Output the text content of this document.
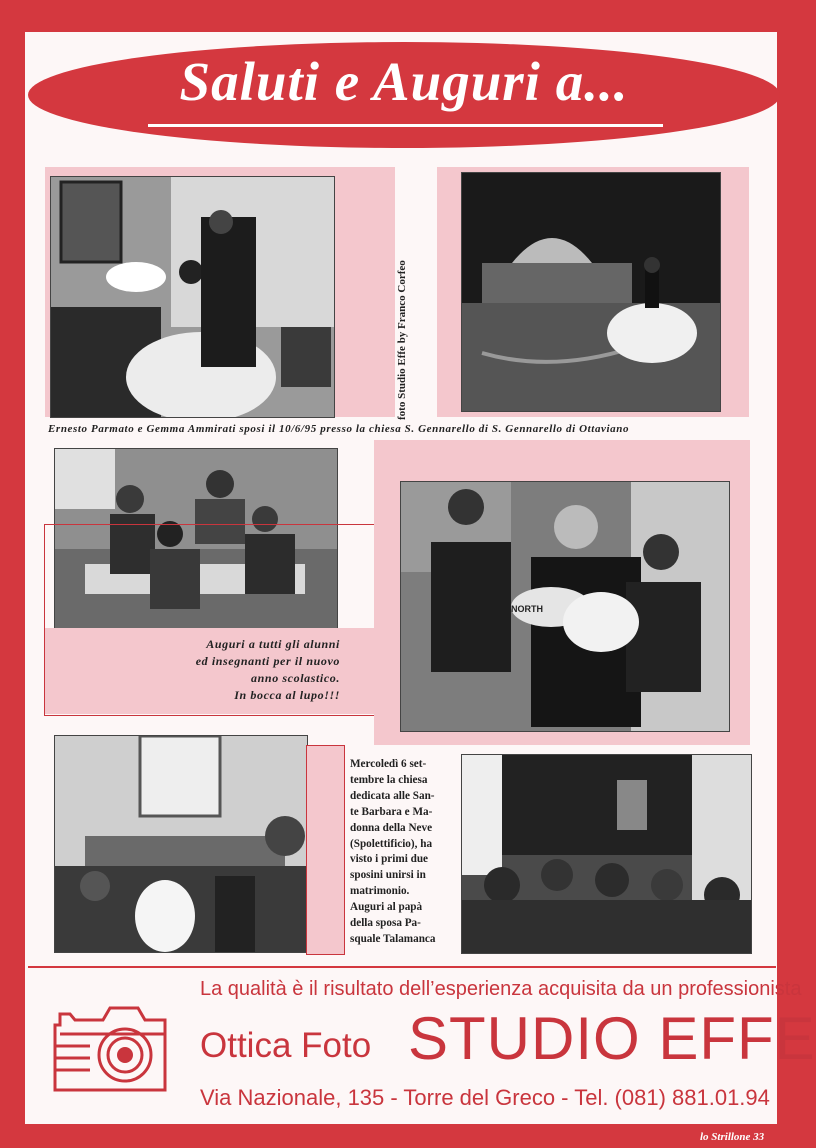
Saluti e Auguri a...
foto Studio Effe by Franco Corfeo
Ernesto Parmato e Gemma Ammirati sposi il 10/6/95 presso la chiesa S. Gennarello di S. Gennarello di Ottaviano
Auguri a tutti gli alunni
ed insegnanti per il nuovo
anno scolastico.
In bocca al lupo!!!
NORTH
Mercoledì 6 set-
tembre la chiesa
dedicata alle San-
te Barbara e Ma-
donna della Neve
(Spolettificio), ha
visto i primi due
sposini unirsi in
matrimonio.
Auguri al papà
della sposa Pa-
squale Talamanca
La qualità è il risultato dell’esperienza acquisita da un professionista
Ottica Foto STUDIO EFFE
Via Nazionale, 135 - Torre del Greco - Tel. (081) 881.01.94
lo Strillone 33
